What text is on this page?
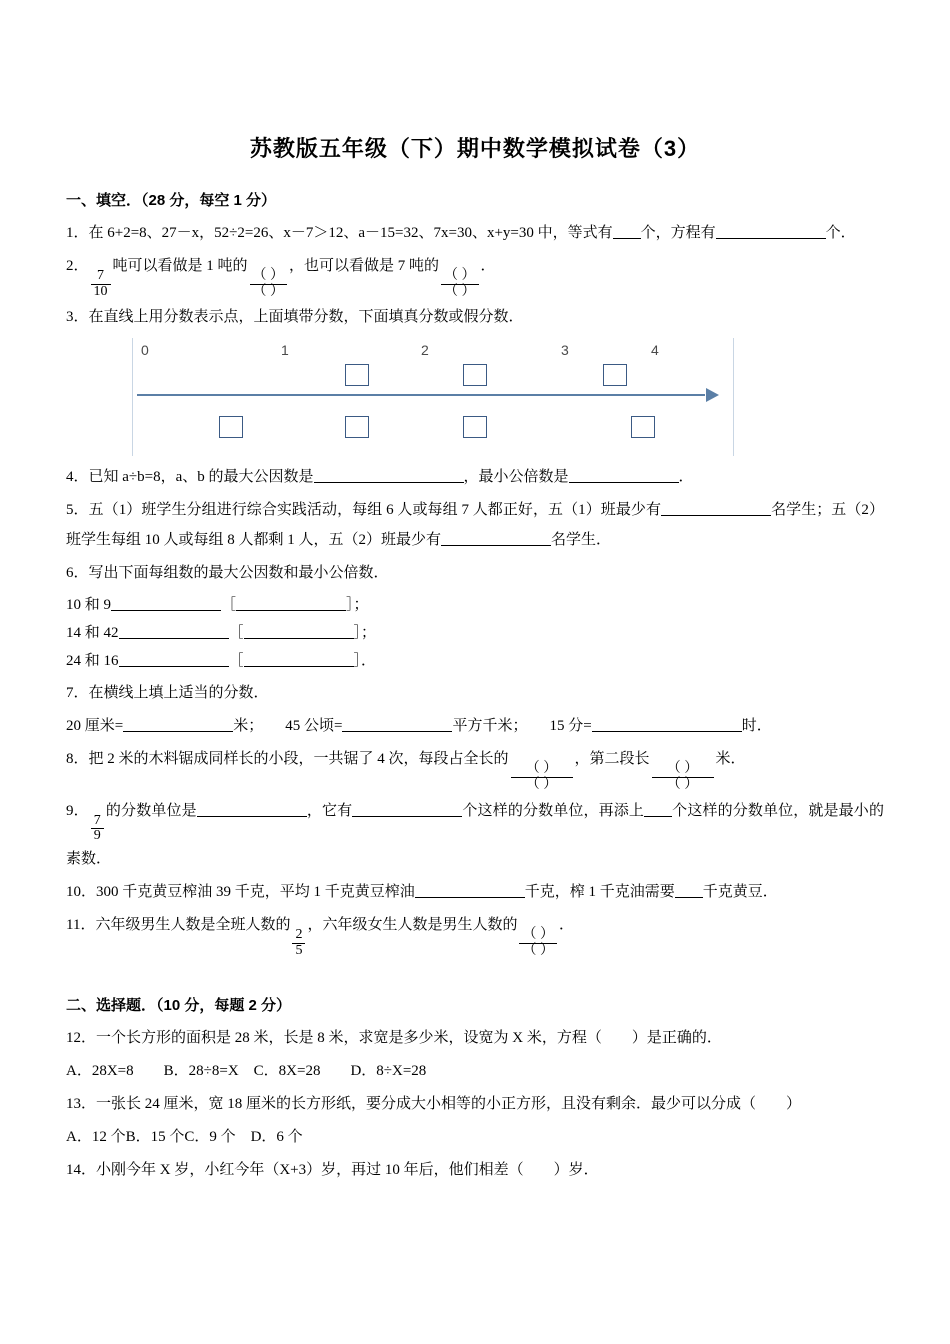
苏教版五年级（下）期中数学模拟试卷（3）
一、填空．（28 分，每空 1 分）
1．在 6+2=8、27－x，52÷2=26、x－7＞12、a－15=32、7x=30、x+y=30 中，等式有 个，方程有	个．
2．
$\frac{7}{10}$
吨可以看做是 1 吨的
$\frac{( )}{( )}$
，也可以看做是 7 吨的
$\frac{( )}{( )}$
．
3．在直线上用分数表示点，上面填带分数，下面填真分数或假分数．
0	1	2	3	4
4．已知 a÷b=8，a、b 的最大公因数是	，最小公倍数是	．
5．五（1）班学生分组进行综合实践活动，每组 6 人或每组 7 人都正好，五（1）班最少有	名学生；五（2）班学生每组 10 人或每组 8 人都剩 1 人，五（2）班最少有	名学生．
6．写出下面每组数的最大公因数和最小公倍数．
10 和 9	［	］；
14 和 42	［	］；
24 和 16	［	］．
7．在横线上填上适当的分数．
20 厘米=	米； 45 公顷=	平方千米； 15 分=	时．
8．把 2 米的木料锯成同样长的小段，一共锯了 4 次，每段占全长的
$\frac{( )}{( )}$
，第二段长
$\frac{( )}{( )}$
米．
9．
$\frac{7}{9}$
的分数单位是	，它有	个这样的分数单位，再添上 个这样的分数单位，就是最小的素数．
10．300 千克黄豆榨油 39 千克，平均 1 千克黄豆榨油	千克，榨 1 千克油需要 千克黄豆．
11．六年级男生人数是全班人数的
$\frac{2}{5}$
，六年级女生人数是男生人数的
$\frac{( )}{( )}$
．
二、选择题．（10 分，每题 2 分）
12．一个长方形的面积是 28 米，长是 8 米，求宽是多少米，设宽为 X 米，方程（　　）是正确的．
A．28X=8　　B．28÷8=X　C．8X=28　　D．8÷X=28
13．一张长 24 厘米，宽 18 厘米的长方形纸，要分成大小相等的小正方形，且没有剩余．最少可以分成（　　）
A．12 个B．15 个C．9 个　D．6 个
14．小刚今年 X 岁，小红今年（X+3）岁，再过 10 年后，他们相差（　　）岁．
